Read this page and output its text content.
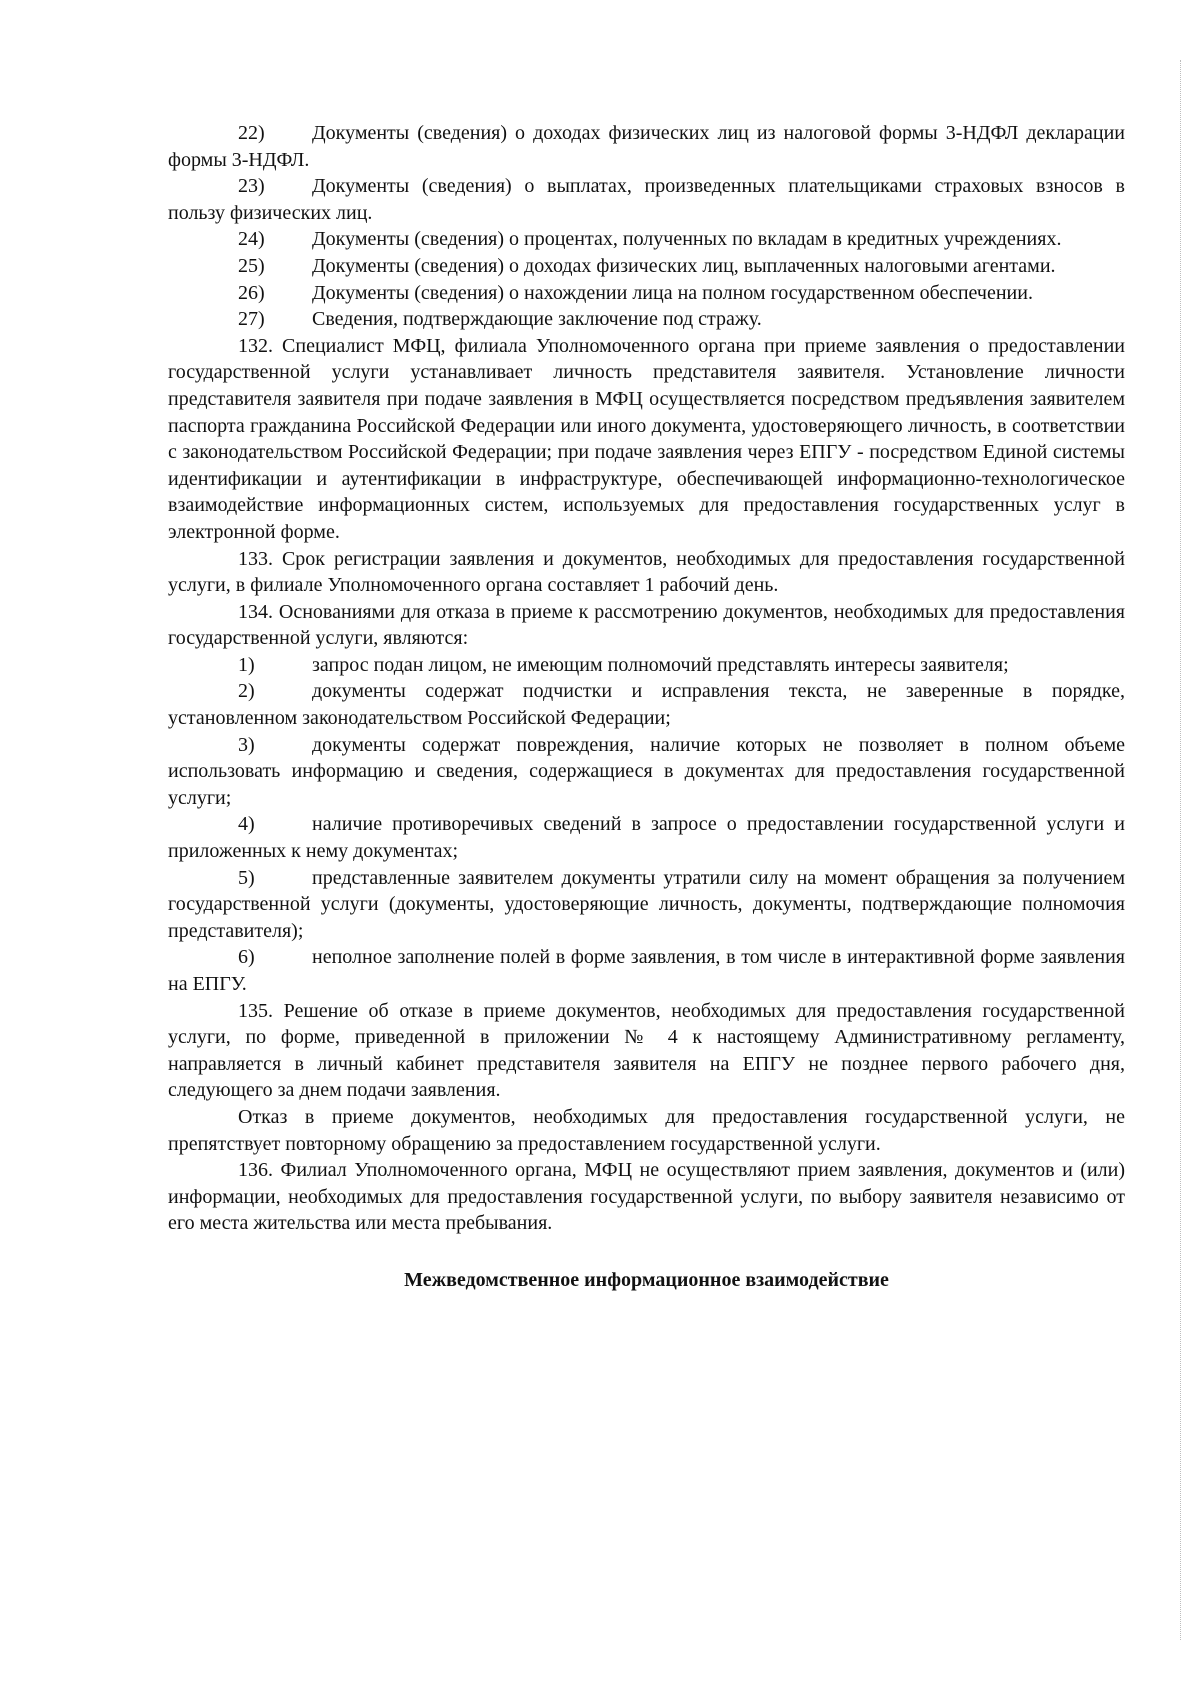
22) Документы (сведения) о доходах физических лиц из налоговой формы 3-НДФЛ декларации формы 3-НДФЛ.

23) Документы (сведения) о выплатах, произведенных плательщиками страховых взносов в пользу физических лиц.

24) Документы (сведения) о процентах, полученных по вкладам в кредитных учреждениях.

25) Документы (сведения) о доходах физических лиц, выплаченных налоговыми агентами.

26) Документы (сведения) о нахождении лица на полном государственном обеспечении.

27) Сведения, подтверждающие заключение под стражу.

132. Специалист МФЦ, филиала Уполномоченного органа при приеме заявления о предоставлении государственной услуги устанавливает личность представителя заявителя. Установление личности представителя заявителя при подаче заявления в МФЦ осуществляется посредством предъявления заявителем паспорта гражданина Российской Федерации или иного документа, удостоверяющего личность, в соответствии с законодательством Российской Федерации; при подаче заявления через ЕПГУ - посредством Единой системы идентификации и аутентификации в инфраструктуре, обеспечивающей информационно-технологическое взаимодействие информационных систем, используемых для предоставления государственных услуг в электронной форме.

133. Срок регистрации заявления и документов, необходимых для предоставления государственной услуги, в филиале Уполномоченного органа составляет 1 рабочий день.

134. Основаниями для отказа в приеме к рассмотрению документов, необходимых для предоставления государственной услуги, являются:

1)	запрос подан лицом, не имеющим полномочий представлять интересы заявителя;

2)	документы содержат подчистки и исправления текста, не заверенные в порядке, установленном законодательством Российской Федерации;

3)	документы содержат повреждения, наличие которых не позволяет в полном объеме использовать информацию и сведения, содержащиеся в документах для предоставления государственной услуги;

4)	наличие противоречивых сведений в запросе о предоставлении государственной услуги и приложенных к нему документах;

5)	представленные заявителем документы утратили силу на момент обращения за получением государственной услуги (документы, удостоверяющие личность, документы, подтверждающие полномочия представителя);

6)	неполное заполнение полей в форме заявления, в том числе в интерактивной форме заявления на ЕПГУ.

135. Решение об отказе в приеме документов, необходимых для предоставления государственной услуги, по форме, приведенной в приложении № 4 к настоящему Административному регламенту, направляется в личный кабинет представителя заявителя на ЕПГУ не позднее первого рабочего дня, следующего за днем подачи заявления.

Отказ в приеме документов, необходимых для предоставления государственной услуги, не препятствует повторному обращению за предоставлением государственной услуги.

136. Филиал Уполномоченного органа, МФЦ не осуществляют прием заявления, документов и (или) информации, необходимых для предоставления государственной услуги, по выбору заявителя независимо от его места жительства или места пребывания.

Межведомственное информационное взаимодействие
